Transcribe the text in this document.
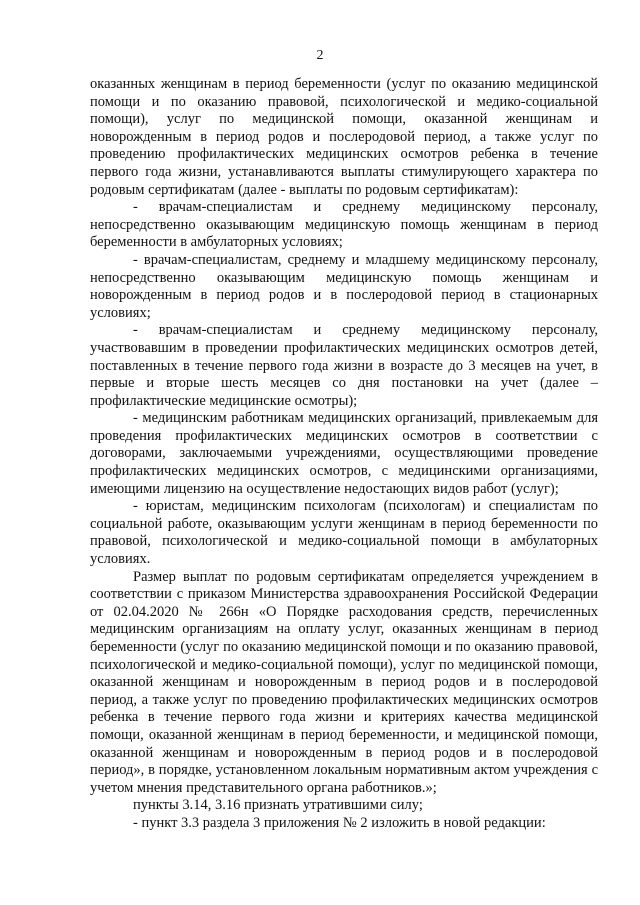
2

оказанных женщинам в период беременности (услуг по оказанию медицинской помощи и по оказанию правовой, психологической и медико-социальной помощи), услуг по медицинской помощи, оказанной женщинам и новорожденным в период родов и послеродовой период, а также услуг по проведению профилактических медицинских осмотров ребенка в течение первого года жизни, устанавливаются выплаты стимулирующего характера по родовым сертификатам (далее - выплаты по родовым сертификатам):

- врачам-специалистам и среднему медицинскому персоналу, непосредственно оказывающим медицинскую помощь женщинам в период беременности в амбулаторных условиях;

- врачам-специалистам, среднему и младшему медицинскому персоналу, непосредственно оказывающим медицинскую помощь женщинам и новорожденным в период родов и в послеродовой период в стационарных условиях;

- врачам-специалистам и среднему медицинскому персоналу, участвовавшим в проведении профилактических медицинских осмотров детей, поставленных в течение первого года жизни в возрасте до 3 месяцев на учет, в первые и вторые шесть месяцев со дня постановки на учет (далее – профилактические медицинские осмотры);

- медицинским работникам медицинских организаций, привлекаемым для проведения профилактических медицинских осмотров в соответствии с договорами, заключаемыми учреждениями, осуществляющими проведение профилактических медицинских осмотров, с медицинскими организациями, имеющими лицензию на осуществление недостающих видов работ (услуг);

- юристам, медицинским психологам (психологам) и специалистам по социальной работе, оказывающим услуги женщинам в период беременности по правовой, психологической и медико-социальной помощи в амбулаторных условиях.

Размер выплат по родовым сертификатам определяется учреждением в соответствии с приказом Министерства здравоохранения Российской Федерации от 02.04.2020 № 266н «О Порядке расходования средств, перечисленных медицинским организациям на оплату услуг, оказанных женщинам в период беременности (услуг по оказанию медицинской помощи и по оказанию правовой, психологической и медико-социальной помощи), услуг по медицинской помощи, оказанной женщинам и новорожденным в период родов и в послеродовой период, а также услуг по проведению профилактических медицинских осмотров ребенка в течение первого года жизни и критериях качества медицинской помощи, оказанной женщинам в период беременности, и медицинской помощи, оказанной женщинам и новорожденным в период родов и в послеродовой период», в порядке, установленном локальным нормативным актом учреждения с учетом мнения представительного органа работников.»;

пункты 3.14, 3.16 признать утратившими силу;

- пункт 3.3 раздела 3 приложения № 2 изложить в новой редакции:
